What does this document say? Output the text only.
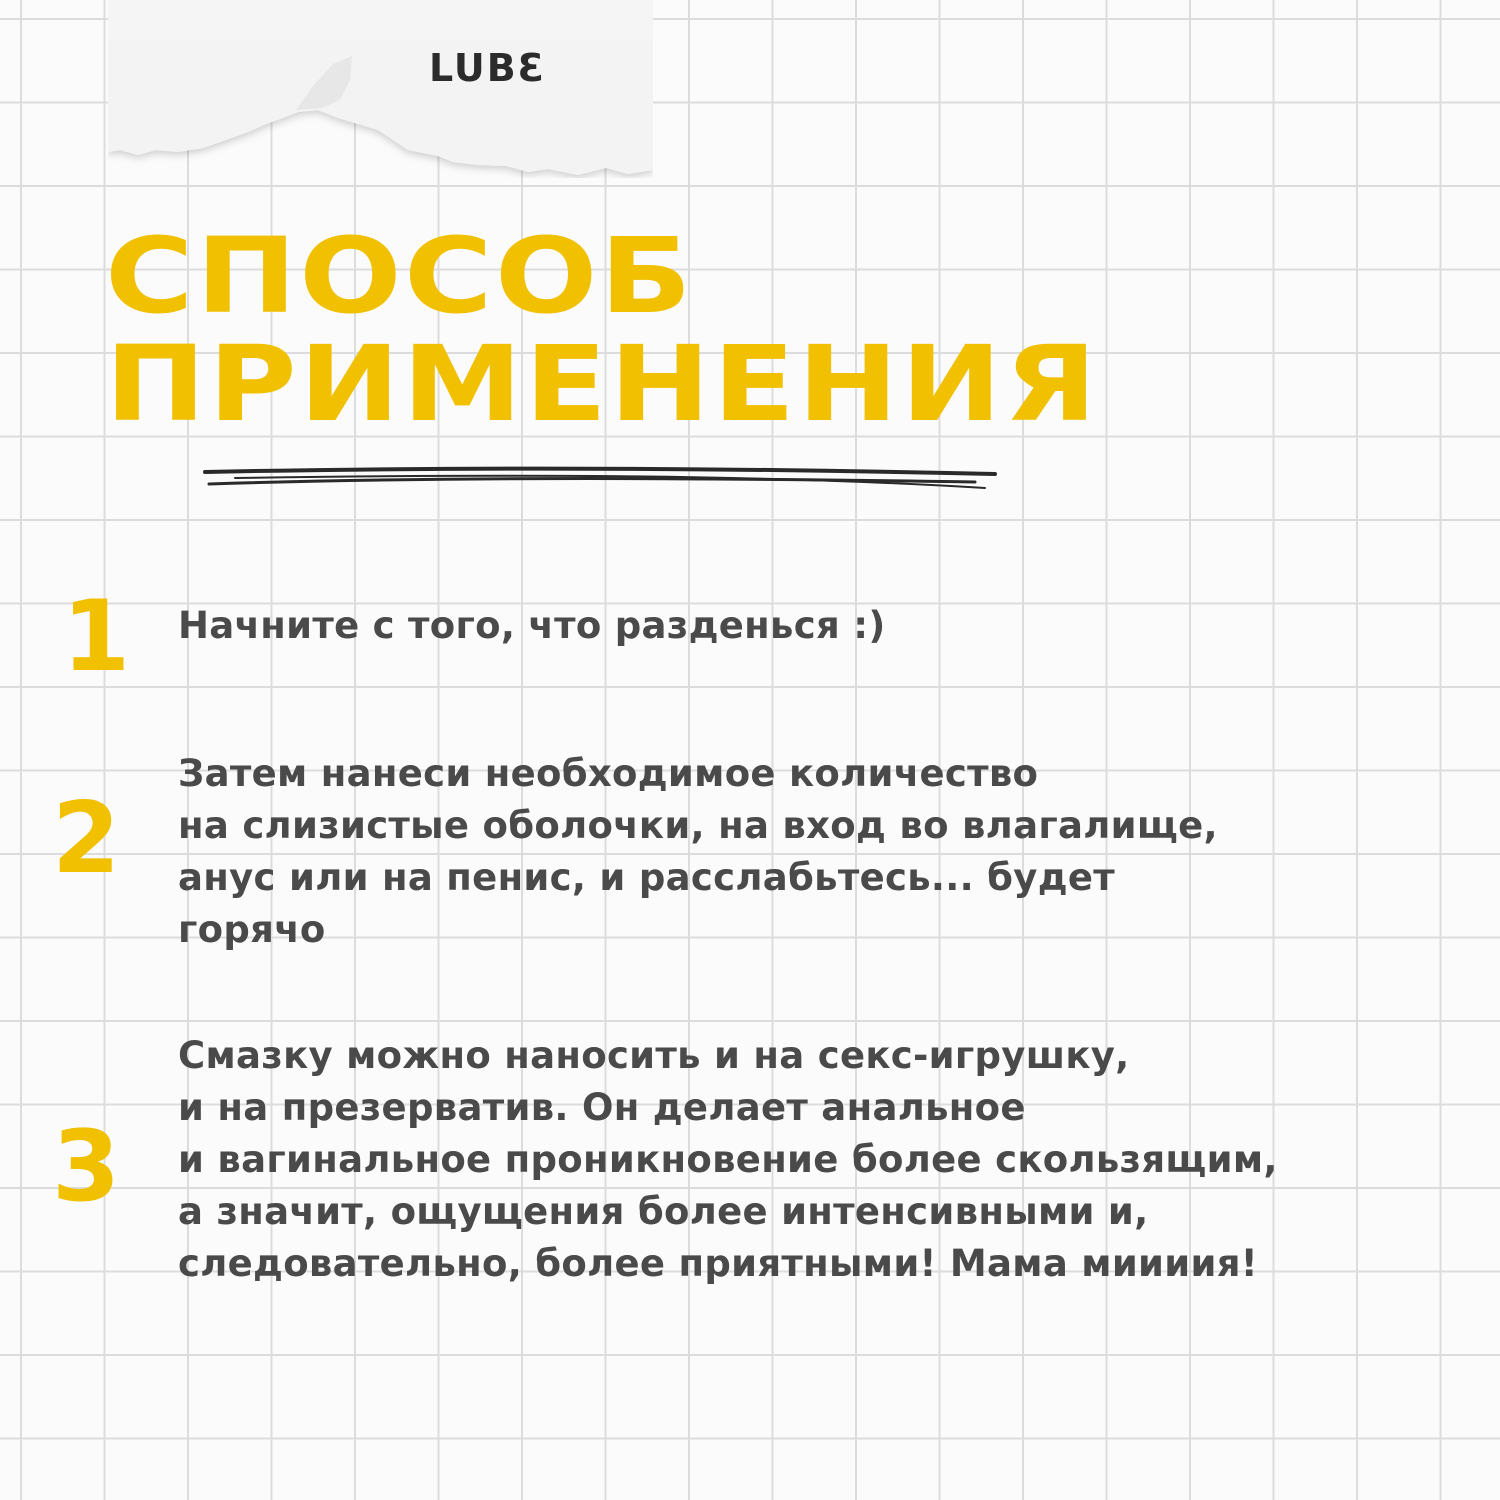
LUBƐ
СПОСОБ
ПРИМЕНЕНИЯ
1 Начните с того, что разденься :)

2

Затем нанеси необходимое количество
на слизистые оболочки, на вход во влагалище,
анус или на пенис, и расслабьтесь... будет
горячо

3

Смазку можно наносить и на секс-игрушку,
и на презерватив. Он делает анальное
и вагинальное проникновение более скользящим,
а значит, ощущения более интенсивными и,
следовательно, более приятными! Мама миииия!
